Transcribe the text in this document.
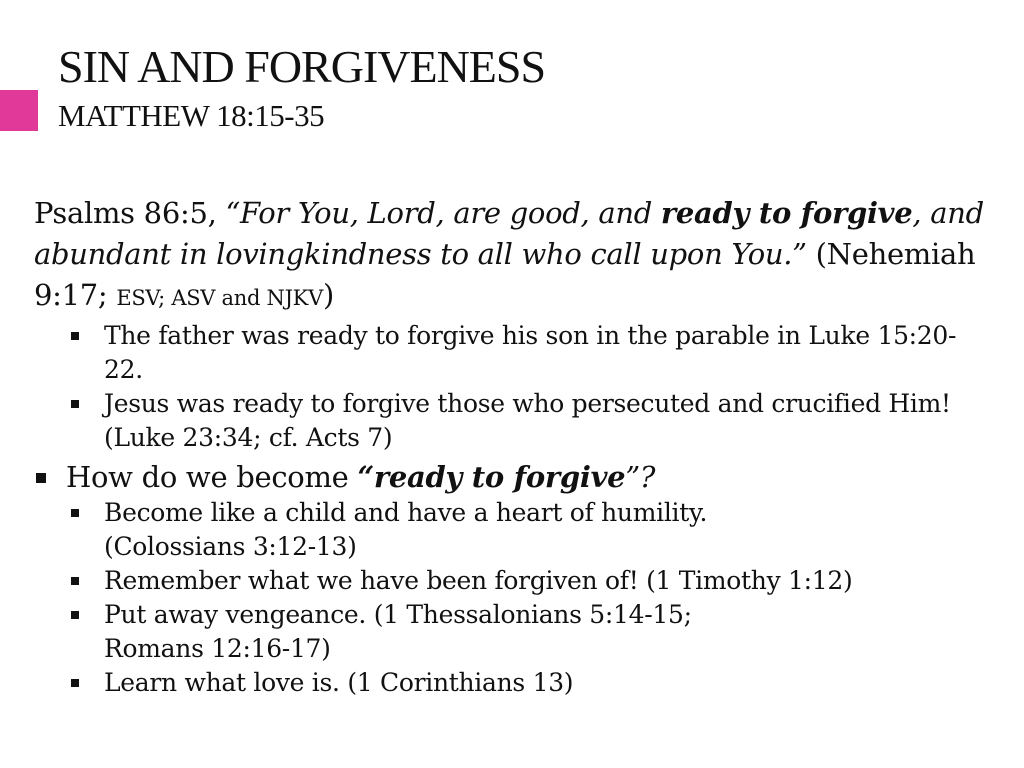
SIN AND FORGIVENESS
MATTHEW 18:15-35

Psalms 86:5, “For You, Lord, are good, and ready to forgive, and abundant in lovingkindness to all who call upon You.” (Nehemiah 9:17; ESV; ASV and NJKV)

The father was ready to forgive his son in the parable in Luke 15:20-22.
Jesus was ready to forgive those who persecuted and crucified Him! (Luke 23:34; cf. Acts 7)
How do we become “ready to forgive”?
Become like a child and have a heart of humility.
(Colossians 3:12-13)
Remember what we have been forgiven of! (1 Timothy 1:12)
Put away vengeance. (1 Thessalonians 5:14-15;
Romans 12:16-17)
Learn what love is. (1 Corinthians 13)
